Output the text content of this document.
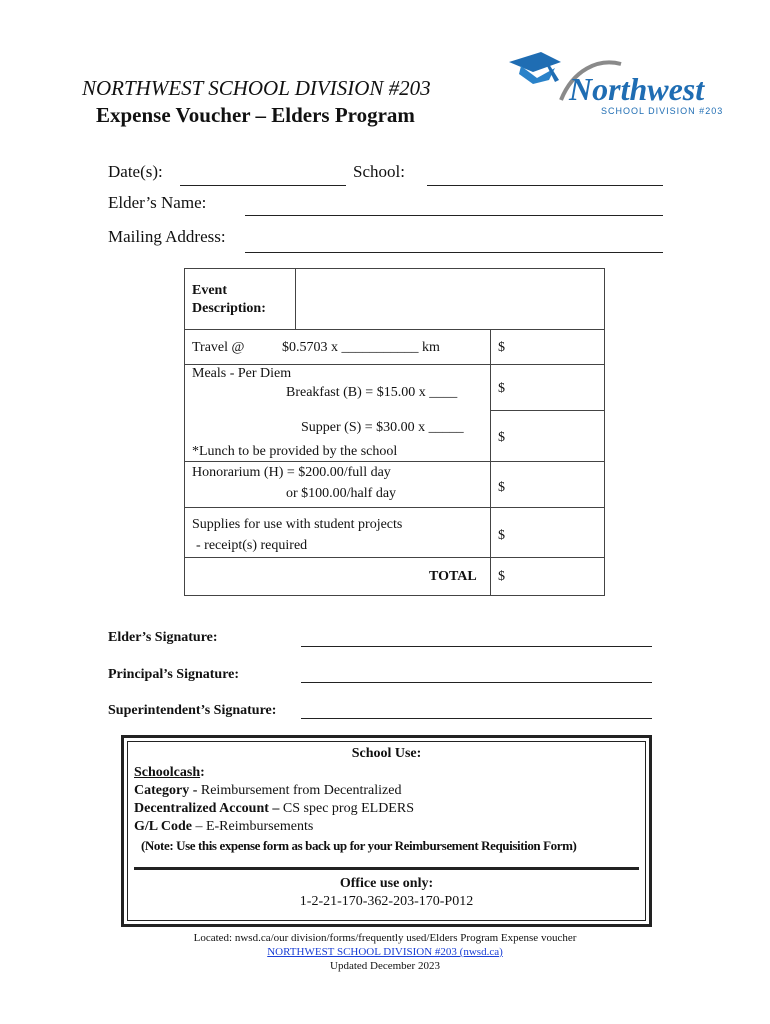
NORTHWEST SCHOOL DIVISION #203
Expense Voucher – Elders Program
Northwest
SCHOOL DIVISION #203
Date(s):	School:
Elder’s Name:
Mailing Address:
Event
Description:
Travel @	$0.5703 x ___________ km	$
Meals - Per Diem
Breakfast (B) = $15.00 x ____	$
Supper (S) = $30.00 x _____
$
*Lunch to be provided by the school
Honorarium (H) = $200.00/full day
or $100.00/half day	$
Supplies for use with student projects
- receipt(s) required
$
TOTAL $
Elder’s Signature:
Principal’s Signature:
Superintendent’s Signature:
School Use:
Schoolcash:
Category - Reimbursement from Decentralized
Decentralized Account – CS spec prog ELDERS
G/L Code – E-Reimbursements
(Note: Use this expense form as back up for your Reimbursement Requisition Form)
Office use only:
1-2-21-170-362-203-170-P012
Located: nwsd.ca/our division/forms/frequently used/Elders Program Expense voucher
NORTHWEST SCHOOL DIVISION #203 (nwsd.ca)
Updated December 2023
